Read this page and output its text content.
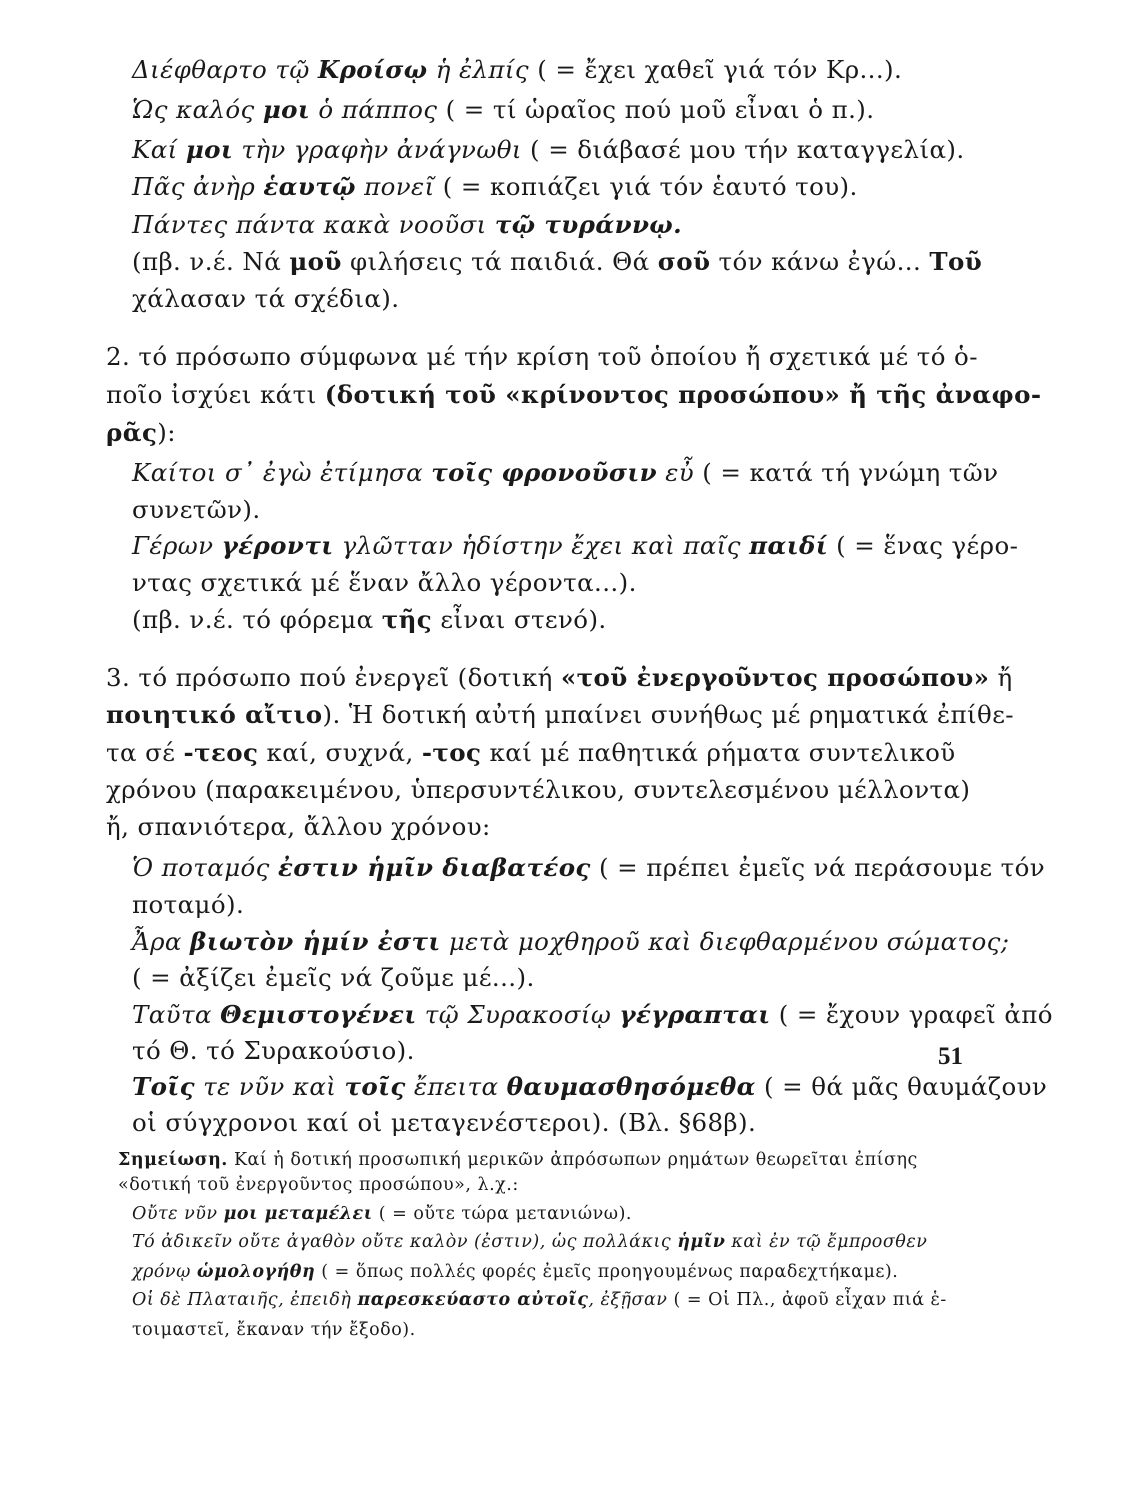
Διέφθαρτο τῷ Κροίσῳ ἡ ἐλπίς ( = ἔχει χαθεῖ γιά τόν Κρ...).
Ὡς καλός μοι ὁ πάππος ( = τί ὡραῖος πού μοῦ εἶναι ὁ π.).
Καί μοι τὴν γραφὴν ἀνάγνωθι ( = διάβασέ μου τήν καταγγελία).
Πᾶς ἀνὴρ ἑαυτῷ πονεῖ ( = κοπιάζει γιά τόν ἑαυτό του).
Πάντες πάντα κακὰ νοοῦσι τῷ τυράννῳ.
(πβ. ν.έ. Νά μοῦ φιλήσεις τά παιδιά. Θά σοῦ τόν κάνω ἐγώ... Τοῦ
χάλασαν τά σχέδια).
2. τό πρόσωπο σύμφωνα μέ τήν κρίση τοῦ ὁποίου ἤ σχετικά μέ τό ὁ-
ποῖο ἰσχύει κάτι (δοτική τοῦ «κρίνοντος προσώπου» ἤ τῆς ἀναφο-
ρᾶς):
Καίτοι σ᾽ ἐγὼ ἐτίμησα τοῖς φρονοῦσιν εὖ ( = κατά τή γνώμη τῶν
συνετῶν).
Γέρων γέροντι γλῶτταν ἡδίστην ἔχει καὶ παῖς παιδί ( = ἕνας γέρο-
ντας σχετικά μέ ἕναν ἄλλο γέροντα...).
(πβ. ν.έ. τό φόρεμα τῆς εἶναι στενό).
3. τό πρόσωπο πού ἐνεργεῖ (δοτική «τοῦ ἐνεργοῦντος προσώπου» ἤ
ποιητικό αἴτιο). Ἡ δοτική αὐτή μπαίνει συνήθως μέ ρηματικά ἐπίθε-
τα σέ -τεος καί, συχνά, -τος καί μέ παθητικά ρήματα συντελικοῦ
χρόνου (παρακειμένου, ὑπερσυντέλικου, συντελεσμένου μέλλοντα)
ἤ, σπανιότερα, ἄλλου χρόνου:
Ὁ ποταμός ἐστιν ἡμῖν διαβατέος ( = πρέπει ἐμεῖς νά περάσουμε τόν
ποταμό).
Ἆρα βιωτὸν ἡμίν ἐστι μετὰ μοχθηροῦ καὶ διεφθαρμένου σώματος;
( = ἀξίζει ἐμεῖς νά ζοῦμε μέ...).
Ταῦτα Θεμιστογένει τῷ Συρακοσίῳ γέγραπται ( = ἔχουν γραφεῖ ἀπό
τό Θ. τό Συρακούσιο).
Τοῖς τε νῦν καὶ τοῖς ἔπειτα θαυμασθησόμεθα ( = θά μᾶς θαυμάζουν
οἱ σύγχρονοι καί οἱ μεταγενέστεροι). (Βλ. §68β).
Σημείωση. Καί ἡ δοτική προσωπική μερικῶν ἀπρόσωπων ρημάτων θεωρεῖται ἐπίσης
«δοτική τοῦ ἐνεργοῦντος προσώπου», λ.χ.:
Οὔτε νῦν μοι μεταμέλει ( = οὔτε τώρα μετανιώνω).
Τό ἀδικεῖν οὔτε ἀγαθὸν οὔτε καλὸν (ἐστιν), ὡς πολλάκις ἡμῖν καὶ ἐν τῷ ἔμπροσθεν
χρόνῳ ὡμολογήθη ( = ὅπως πολλές φορές ἐμεῖς προηγουμένως παραδεχτήκαμε).
Οἱ δὲ Πλαταιῆς, ἐπειδὴ παρεσκεύαστο αὐτοῖς, ἐξῇσαν ( = Οἱ Πλ., ἀφοῦ εἶχαν πιά ἑ-
τοιμαστεῖ, ἔκαναν τήν ἔξοδο).
51
